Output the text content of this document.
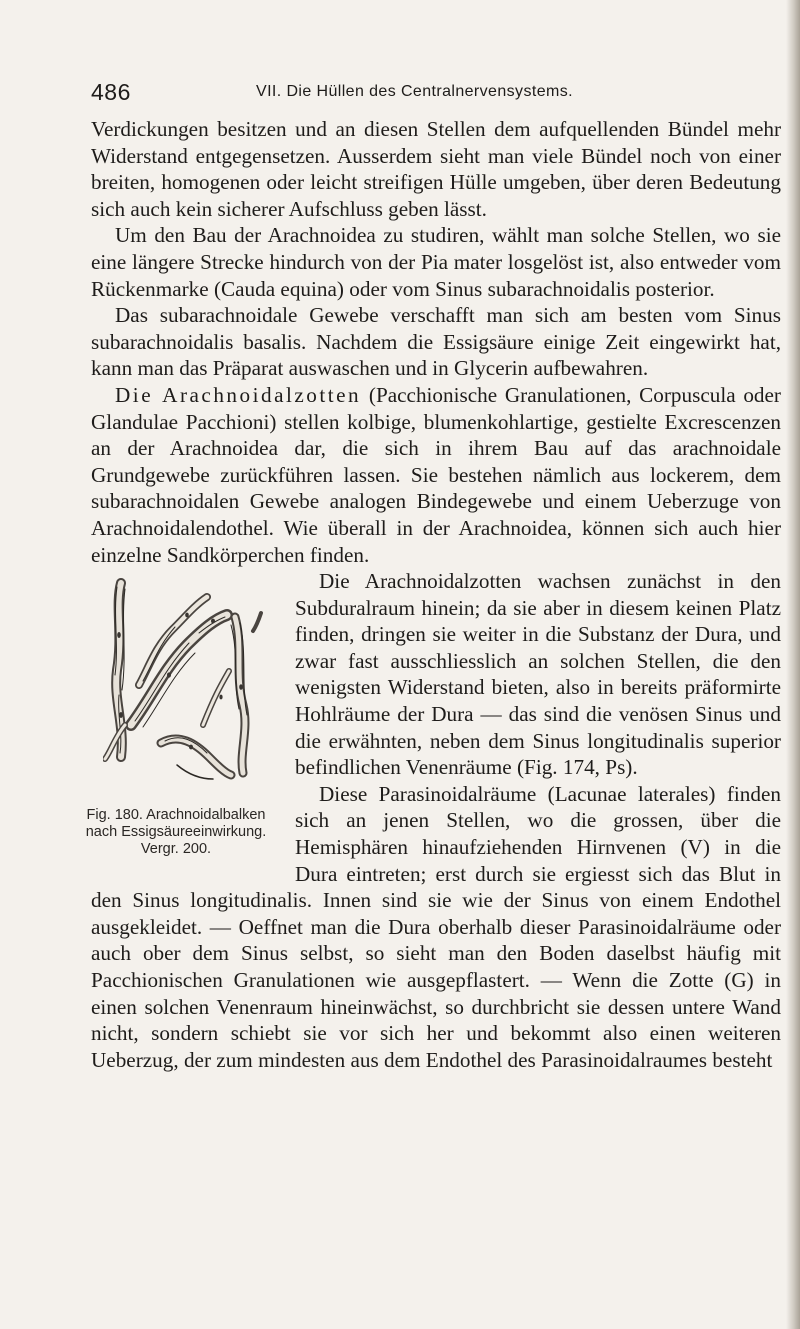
486	VII. Die Hüllen des Centralnervensystems.

Verdickungen besitzen und an diesen Stellen dem aufquellenden Bündel mehr Widerstand entgegensetzen. Ausserdem sieht man viele Bündel noch von einer breiten, homogenen oder leicht streifigen Hülle umgeben, über deren Bedeutung sich auch kein sicherer Aufschluss geben lässt.

Um den Bau der Arachnoidea zu studiren, wählt man solche Stellen, wo sie eine längere Strecke hindurch von der Pia mater losgelöst ist, also entweder vom Rückenmarke (Cauda equina) oder vom Sinus subarachnoidalis posterior.

Das subarachnoidale Gewebe verschafft man sich am besten vom Sinus subarachnoidalis basalis. Nachdem die Essigsäure einige Zeit eingewirkt hat, kann man das Präparat auswaschen und in Glycerin aufbewahren.

Die Arachnoidalzotten (Pacchionische Granulationen, Corpuscula oder Glandulae Pacchioni) stellen kolbige, blumenkohlartige, gestielte Excrescenzen an der Arachnoidea dar, die sich in ihrem Bau auf das arachnoidale Grundgewebe zurückführen lassen. Sie bestehen nämlich aus lockerem, dem subarachnoidalen Gewebe analogen Bindegewebe und einem Ueberzuge von Arachnoidalendothel. Wie überall in der Arachnoidea, können sich auch hier einzelne Sandkörperchen finden.

Fig. 180. Arachnoidalbalken nach Essigsäureeinwirkung. Vergr. 200.

Die Arachnoidalzotten wachsen zunächst in den Subduralraum hinein; da sie aber in diesem keinen Platz finden, dringen sie weiter in die Substanz der Dura, und zwar fast ausschliesslich an solchen Stellen, die den wenigsten Widerstand bieten, also in bereits präformirte Hohlräume der Dura — das sind die venösen Sinus und die erwähnten, neben dem Sinus longitudinalis superior befindlichen Venenräume (Fig. 174, Ps).

Diese Parasinoidalräume (Lacunae laterales) finden sich an jenen Stellen, wo die grossen, über die Hemisphären hinaufziehenden Hirnvenen (V) in die Dura eintreten; erst durch sie ergiesst sich das Blut in den Sinus longitudinalis. Innen sind sie wie der Sinus von einem Endothel ausgekleidet. — Oeffnet man die Dura oberhalb dieser Parasinoidalräume oder auch ober dem Sinus selbst, so sieht man den Boden daselbst häufig mit Pacchionischen Granulationen wie ausgepflastert. — Wenn die Zotte (G) in einen solchen Venenraum hineinwächst, so durchbricht sie dessen untere Wand nicht, sondern schiebt sie vor sich her und bekommt also einen weiteren Ueberzug, der zum mindesten aus dem Endothel des Parasinoidalraumes besteht
